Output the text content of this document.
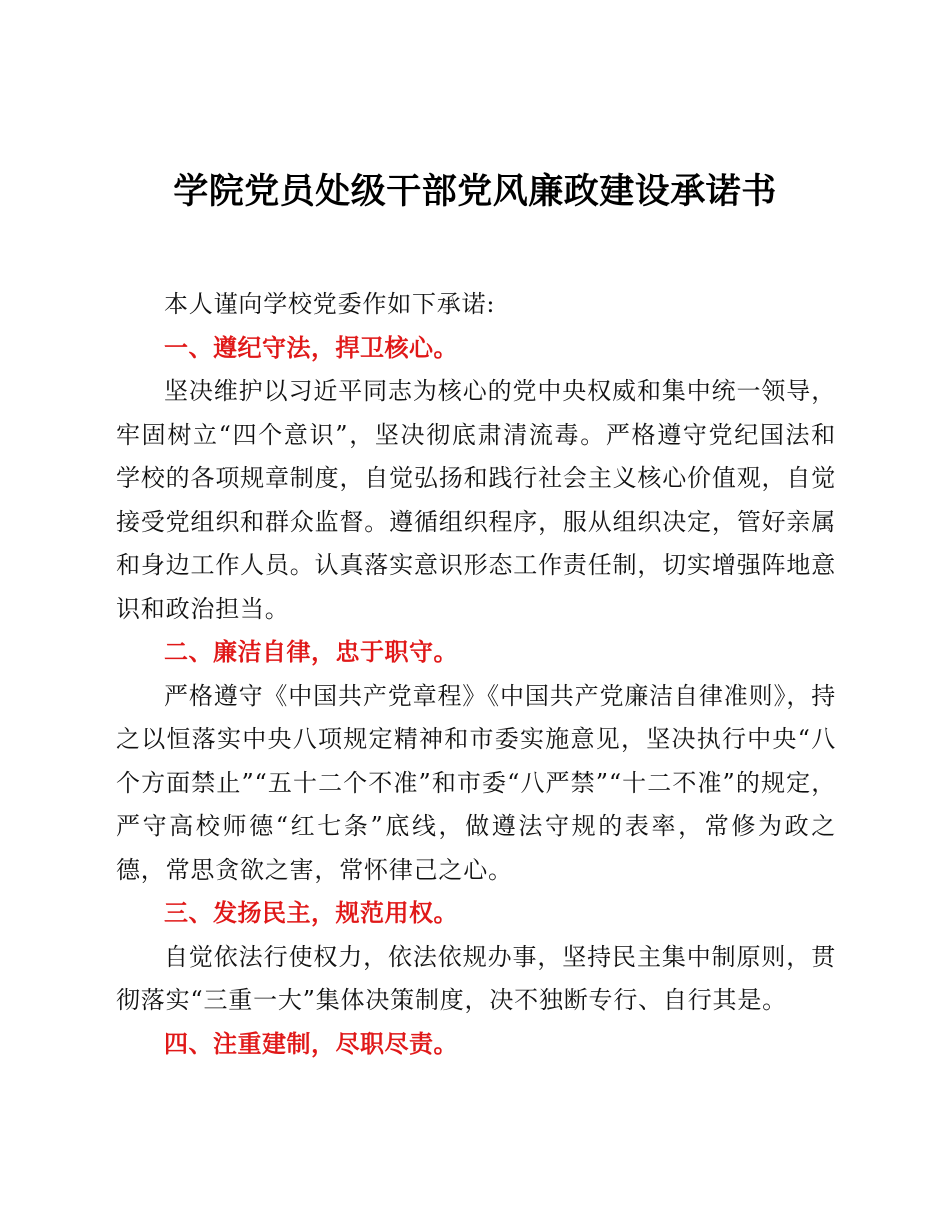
学院党员处级干部党风廉政建设承诺书

本人谨向学校党委作如下承诺:

一、遵纪守法，捍卫核心。

坚决维护以习近平同志为核心的党中央权威和集中统一领导，牢固树立“四个意识”，坚决彻底肃清流毒。严格遵守党纪国法和学校的各项规章制度，自觉弘扬和践行社会主义核心价值观，自觉接受党组织和群众监督。遵循组织程序，服从组织决定，管好亲属和身边工作人员。认真落实意识形态工作责任制，切实增强阵地意识和政治担当。

二、廉洁自律，忠于职守。

严格遵守《中国共产党章程》《中国共产党廉洁自律准则》，持之以恒落实中央八项规定精神和市委实施意见，坚决执行中央“八个方面禁止”“五十二个不准”和市委“八严禁”“十二不准”的规定，严守高校师德“红七条”底线，做遵法守规的表率，常修为政之德，常思贪欲之害，常怀律己之心。

三、发扬民主，规范用权。

自觉依法行使权力，依法依规办事，坚持民主集中制原则，贯彻落实“三重一大”集体决策制度，决不独断专行、自行其是。

四、注重建制，尽职尽责。
